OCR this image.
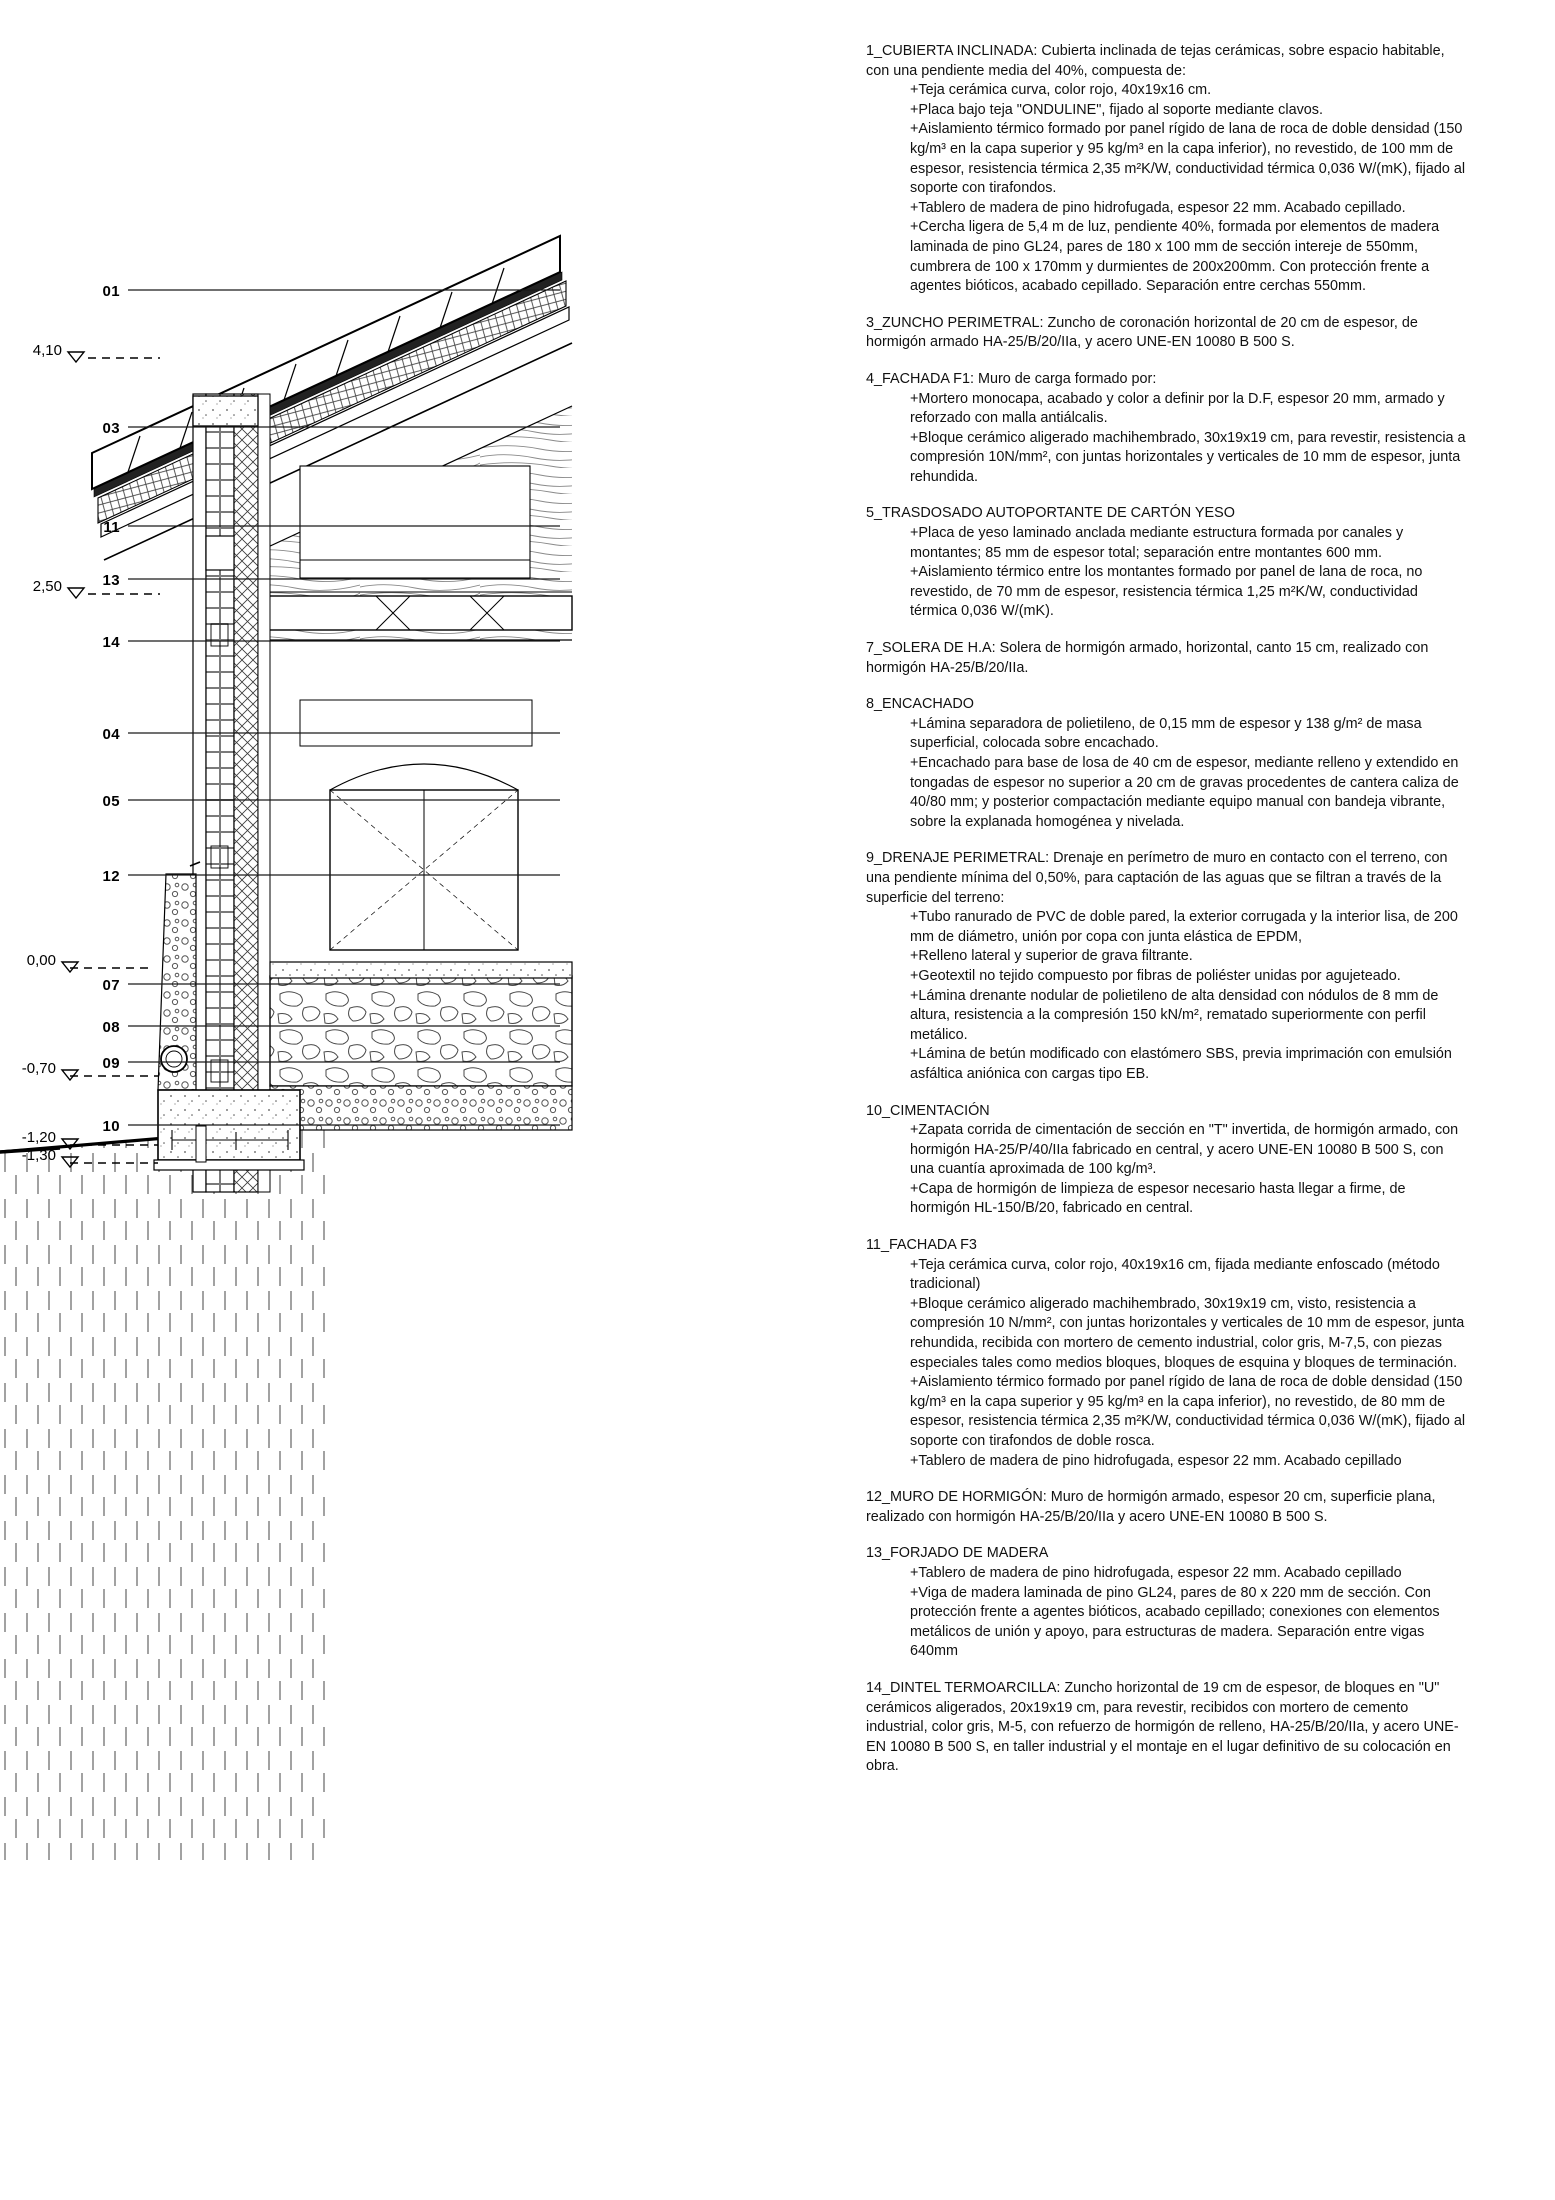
01
03
11
13
14
04
05
12
07
08
09
10
4,10
2,50
0,00
-0,70
-1,20
-1,30
1_CUBIERTA INCLINADA: Cubierta inclinada de tejas cerámicas, sobre espacio habitable, con una pendiente media del 40%, compuesta de:
+Teja cerámica curva, color rojo, 40x19x16 cm.
+Placa bajo teja "ONDULINE", fijado al soporte mediante clavos.
+Aislamiento térmico formado por panel rígido de lana de roca de doble densidad (150 kg/m³ en la capa superior y 95 kg/m³ en la capa inferior), no revestido, de 100 mm de espesor, resistencia térmica 2,35 m²K/W, conductividad térmica 0,036 W/(mK), fijado al soporte con tirafondos.
+Tablero de madera de pino hidrofugada, espesor 22 mm. Acabado cepillado.
+Cercha ligera de 5,4 m de luz, pendiente 40%, formada por elementos de madera laminada de pino GL24, pares de 180 x 100 mm de sección intereje de 550mm, cumbrera de 100 x 170mm y durmientes de 200x200mm. Con protección frente a agentes bióticos, acabado cepillado. Separación entre cerchas 550mm.
3_ZUNCHO PERIMETRAL: Zuncho de coronación horizontal de 20 cm de espesor, de hormigón armado HA-25/B/20/IIa, y acero UNE-EN 10080 B 500 S.
4_FACHADA F1: Muro de carga formado por:
+Mortero monocapa, acabado y color a definir por la D.F, espesor 20 mm, armado y reforzado con malla antiálcalis.
+Bloque cerámico aligerado machihembrado, 30x19x19 cm, para revestir, resistencia a compresión 10N/mm², con juntas horizontales y verticales de 10 mm de espesor, junta rehundida.
5_TRASDOSADO AUTOPORTANTE DE CARTÓN YESO
+Placa de yeso laminado anclada mediante estructura formada por canales y montantes; 85 mm de espesor total; separación entre montantes 600 mm.
+Aislamiento térmico entre los montantes formado por panel de lana de roca, no revestido, de 70 mm de espesor, resistencia térmica 1,25 m²K/W, conductividad térmica 0,036 W/(mK).
7_SOLERA DE H.A: Solera de hormigón armado, horizontal, canto 15 cm, realizado con hormigón HA-25/B/20/IIa.
8_ENCACHADO
+Lámina separadora de polietileno, de 0,15 mm de espesor y 138 g/m² de masa superficial, colocada sobre encachado.
+Encachado para base de losa de 40 cm de espesor, mediante relleno y extendido en tongadas de espesor no superior a 20 cm de gravas procedentes de cantera caliza de 40/80 mm; y posterior compactación mediante equipo manual con bandeja vibrante, sobre la explanada homogénea y nivelada.
9_DRENAJE PERIMETRAL: Drenaje en perímetro de muro en contacto con el terreno, con una pendiente mínima del 0,50%, para captación de las aguas que se filtran a través de la superficie del terreno:
+Tubo ranurado de PVC de doble pared, la exterior corrugada y la interior lisa, de 200 mm de diámetro, unión por copa con junta elástica de EPDM,
+Relleno lateral y superior de grava filtrante.
+Geotextil no tejido compuesto por fibras de poliéster unidas por agujeteado.
+Lámina drenante nodular de polietileno de alta densidad con nódulos de 8 mm de altura, resistencia a la compresión 150 kN/m², rematado superiormente con perfil metálico.
+Lámina de betún modificado con elastómero SBS, previa imprimación con emulsión asfáltica aniónica con cargas tipo EB.
10_CIMENTACIÓN
+Zapata corrida de cimentación de sección en "T" invertida, de hormigón armado, con hormigón HA-25/P/40/IIa fabricado en central, y acero UNE-EN 10080 B 500 S, con una cuantía aproximada de 100 kg/m³.
+Capa de hormigón de limpieza de espesor necesario hasta llegar a firme, de hormigón HL-150/B/20, fabricado en central.
11_FACHADA F3
+Teja cerámica curva, color rojo, 40x19x16 cm, fijada mediante enfoscado (método tradicional)
+Bloque cerámico aligerado machihembrado, 30x19x19 cm, visto, resistencia a compresión 10 N/mm², con juntas horizontales y verticales de 10 mm de espesor, junta rehundida, recibida con mortero de cemento industrial, color gris, M-7,5, con piezas especiales tales como medios bloques, bloques de esquina y bloques de terminación.
+Aislamiento térmico formado por panel rígido de lana de roca de doble densidad (150 kg/m³ en la capa superior y 95 kg/m³ en la capa inferior), no revestido, de 80 mm de espesor, resistencia térmica 2,35 m²K/W, conductividad térmica 0,036 W/(mK), fijado al soporte con tirafondos de doble rosca.
+Tablero de madera de pino hidrofugada, espesor 22 mm. Acabado cepillado
12_MURO DE HORMIGÓN: Muro de hormigón armado, espesor 20 cm, superficie plana, realizado con hormigón HA-25/B/20/IIa y acero UNE-EN 10080 B 500 S.
13_FORJADO DE MADERA
+Tablero de madera de pino hidrofugada, espesor 22 mm. Acabado cepillado
+Viga de madera laminada de pino GL24, pares de 80 x 220 mm de sección. Con protección frente a agentes bióticos, acabado cepillado; conexiones con elementos metálicos de unión y apoyo, para estructuras de madera. Separación entre vigas 640mm
14_DINTEL TERMOARCILLA: Zuncho horizontal de 19 cm de espesor, de bloques en "U" cerámicos aligerados, 20x19x19 cm, para revestir, recibidos con mortero de cemento industrial, color gris, M-5, con refuerzo de hormigón de relleno, HA-25/B/20/IIa, y acero UNE-EN 10080 B 500 S, en taller industrial y el montaje en el lugar definitivo de su colocación en obra.
